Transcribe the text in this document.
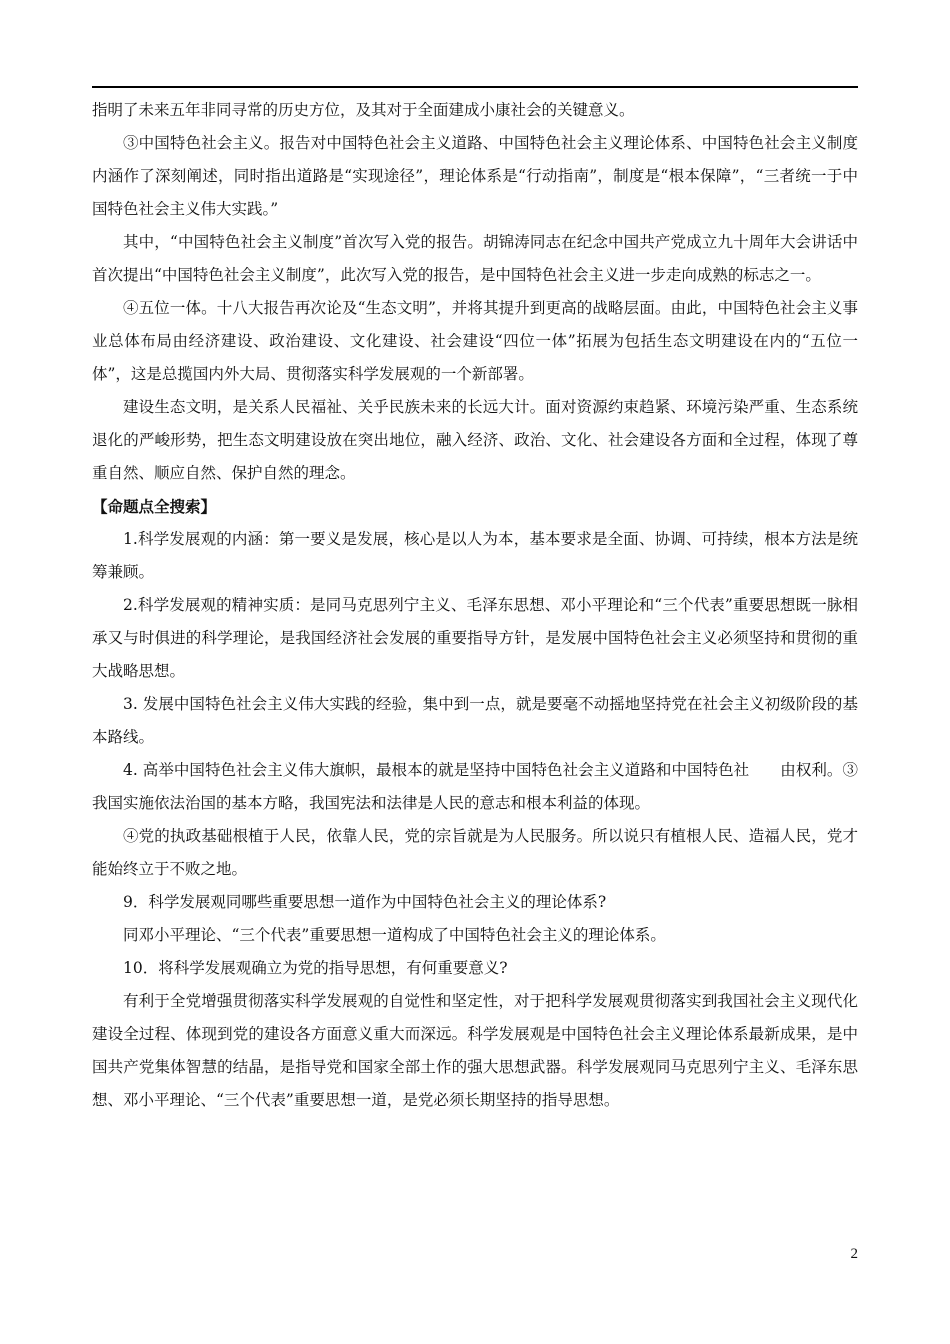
指明了未来五年非同寻常的历史方位，及其对于全面建成小康社会的关键意义。

③中国特色社会主义。报告对中国特色社会主义道路、中国特色社会主义理论体系、中国特色社会主义制度内涵作了深刻阐述，同时指出道路是“实现途径”，理论体系是“行动指南”，制度是“根本保障”，“三者统一于中国特色社会主义伟大实践。”

其中，“中国特色社会主义制度”首次写入党的报告。胡锦涛同志在纪念中国共产党成立九十周年大会讲话中首次提出“中国特色社会主义制度”，此次写入党的报告，是中国特色社会主义进一步走向成熟的标志之一。

④五位一体。十八大报告再次论及“生态文明”，并将其提升到更高的战略层面。由此，中国特色社会主义事业总体布局由经济建设、政治建设、文化建设、社会建设“四位一体”拓展为包括生态文明建设在内的“五位一体”，这是总揽国内外大局、贯彻落实科学发展观的一个新部署。

建设生态文明，是关系人民福祉、关乎民族未来的长远大计。面对资源约束趋紧、环境污染严重、生态系统退化的严峻形势，把生态文明建设放在突出地位，融入经济、政治、文化、社会建设各方面和全过程，体现了尊重自然、顺应自然、保护自然的理念。

【命题点全搜索】

1.科学发展观的内涵：第一要义是发展，核心是以人为本，基本要求是全面、协调、可持续，根本方法是统筹兼顾。

2.科学发展观的精神实质：是同马克思列宁主义、毛泽东思想、邓小平理论和“三个代表”重要思想既一脉相承又与时俱进的科学理论，是我国经济社会发展的重要指导方针，是发展中国特色社会主义必须坚持和贯彻的重大战略思想。

3. 发展中国特色社会主义伟大实践的经验，集中到一点，就是要毫不动摇地坚持党在社会主义初级阶段的基本路线。

4. 高举中国特色社会主义伟大旗帜，最根本的就是坚持中国特色社会主义道路和中国特色社　　由权利。③我国实施依法治国的基本方略，我国宪法和法律是人民的意志和根本利益的体现。

④党的执政基础根植于人民，依靠人民，党的宗旨就是为人民服务。所以说只有植根人民、造福人民，党才能始终立于不败之地。

9．科学发展观同哪些重要思想一道作为中国特色社会主义的理论体系?

同邓小平理论、“三个代表”重要思想一道构成了中国特色社会主义的理论体系。

10．将科学发展观确立为党的指导思想，有何重要意义?

有利于全党增强贯彻落实科学发展观的自觉性和坚定性，对于把科学发展观贯彻落实到我国社会主义现代化建设全过程、体现到党的建设各方面意义重大而深远。科学发展观是中国特色社会主义理论体系最新成果，是中国共产党集体智慧的结晶，是指导党和国家全部土作的强大思想武器。科学发展观同马克思列宁主义、毛泽东思想、邓小平理论、“三个代表”重要思想一道，是党必须长期坚持的指导思想。

2
